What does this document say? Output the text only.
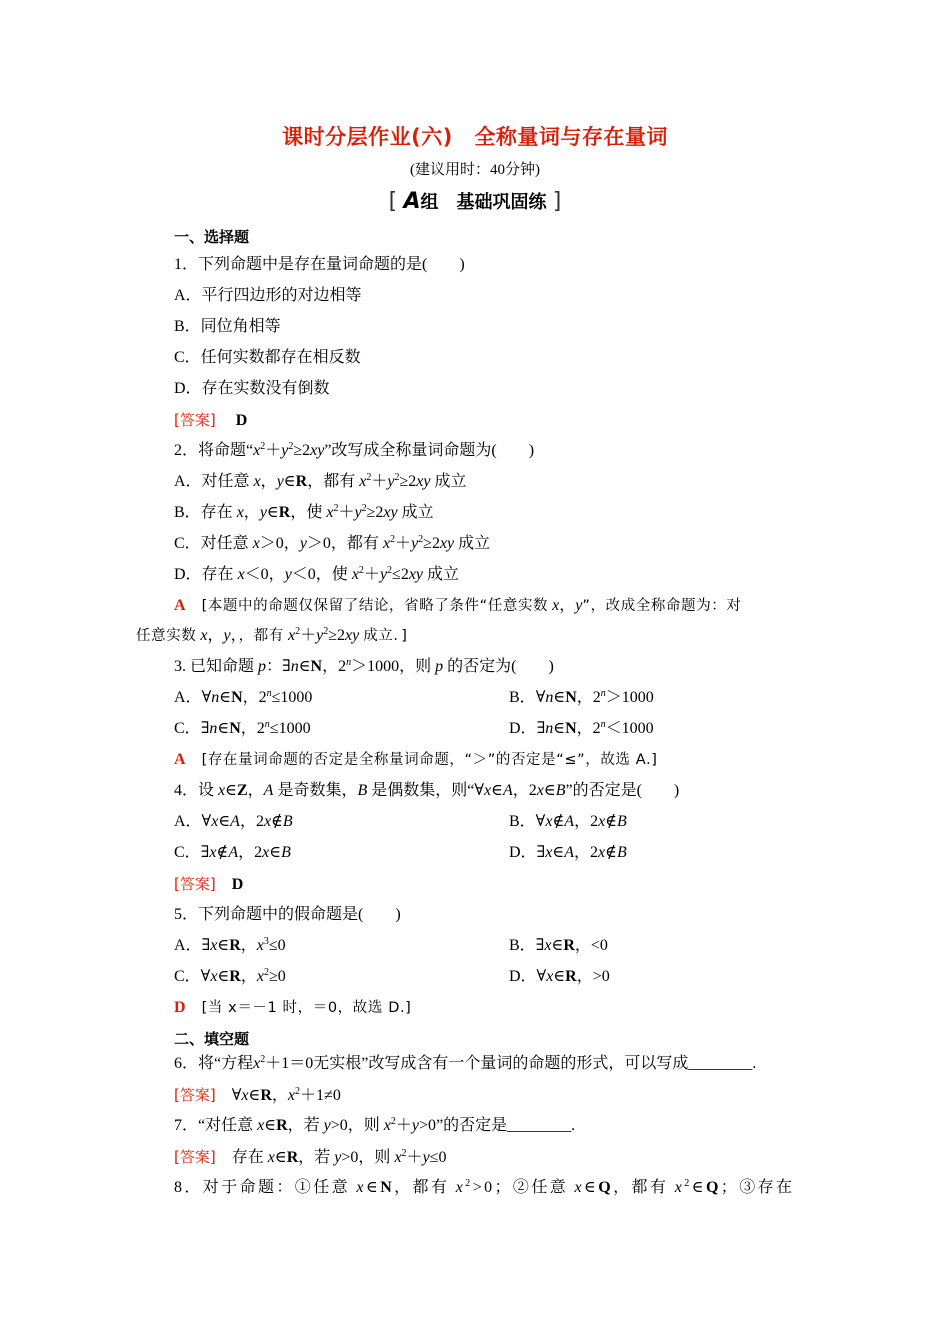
课时分层作业(六)　全称量词与存在量词
(建议用时：40分钟)
[ A组　基础巩固练 ]
一、选择题
1．下列命题中是存在量词命题的是(　　)
A．平行四边形的对边相等
B．同位角相等
C．任何实数都存在相反数
D．存在实数没有倒数
[答案]　 D
2．将命题“$x^2+y^2\ge 2xy$”改写成全称量词命题为(　　)
A．对任意 x，y∈R，都有 $x^2+y^2\ge 2xy$ 成立
B．存在 x，y∈R，使 $x^2+y^2\ge 2xy$ 成立
C．对任意 x＞0，y＞0，都有 $x^2+y^2\ge 2xy$ 成立
D．存在 x＜0，y＜0，使 $x^2+y^2\le 2xy$ 成立
A　 [本题中的命题仅保留了结论，省略了条件“任意实数 x，y”，改成全称命题为：对
任意实数 x，y，，都有 $x^2+y^2\ge 2xy$ 成立．]
3. 已知命题 p：∃n∈N，$2^n>1000$，则 p 的否定为(　　)
A．∀n∈N，$2^n\le 1000$	B．∀n∈N，$2^n>1000$
C．∃n∈N，$2^n\le 1000$	D．∃n∈N，$2^n<1000$
A　 [存在量词命题的否定是全称量词命题，“＞”的否定是“≤”，故选 A.]
4．设 x∈Z，A 是奇数集，B 是偶数集，则“∀x∈A，2x∈B”的否定是(　　)
A．∀x∈A，2x∉B	B．∀x∉A，2x∉B
C．∃x∉A，2x∈B	D．∃x∈A，2x∉B
[答案]　 D
5．下列命题中的假命题是(　　)
A．∃x∈R，$x^3\le 0$	B．∃x∈R，<0
C．∀x∈R，$x^2\ge 0$	D．∀x∈R，>0
D　 [当 x＝－1 时，＝0，故选 D.]
二、填空题
6．将“方程$x^2+1=0$无实根”改写成含有一个量词的命题的形式，可以写成________.
[答案]　∀x∈R，$x^2+1\ne 0$
7．“对任意 x∈R，若 y>0，则 $x^2+y>0$”的否定是________.
[答案]　 存在 x∈R，若 y>0，则 $x^2+y\le 0$
8．对于命题：①任意 x∈N，都有 $x^2>0$；②任意 x∈Q，都有 $x^2\in Q$；③存在
